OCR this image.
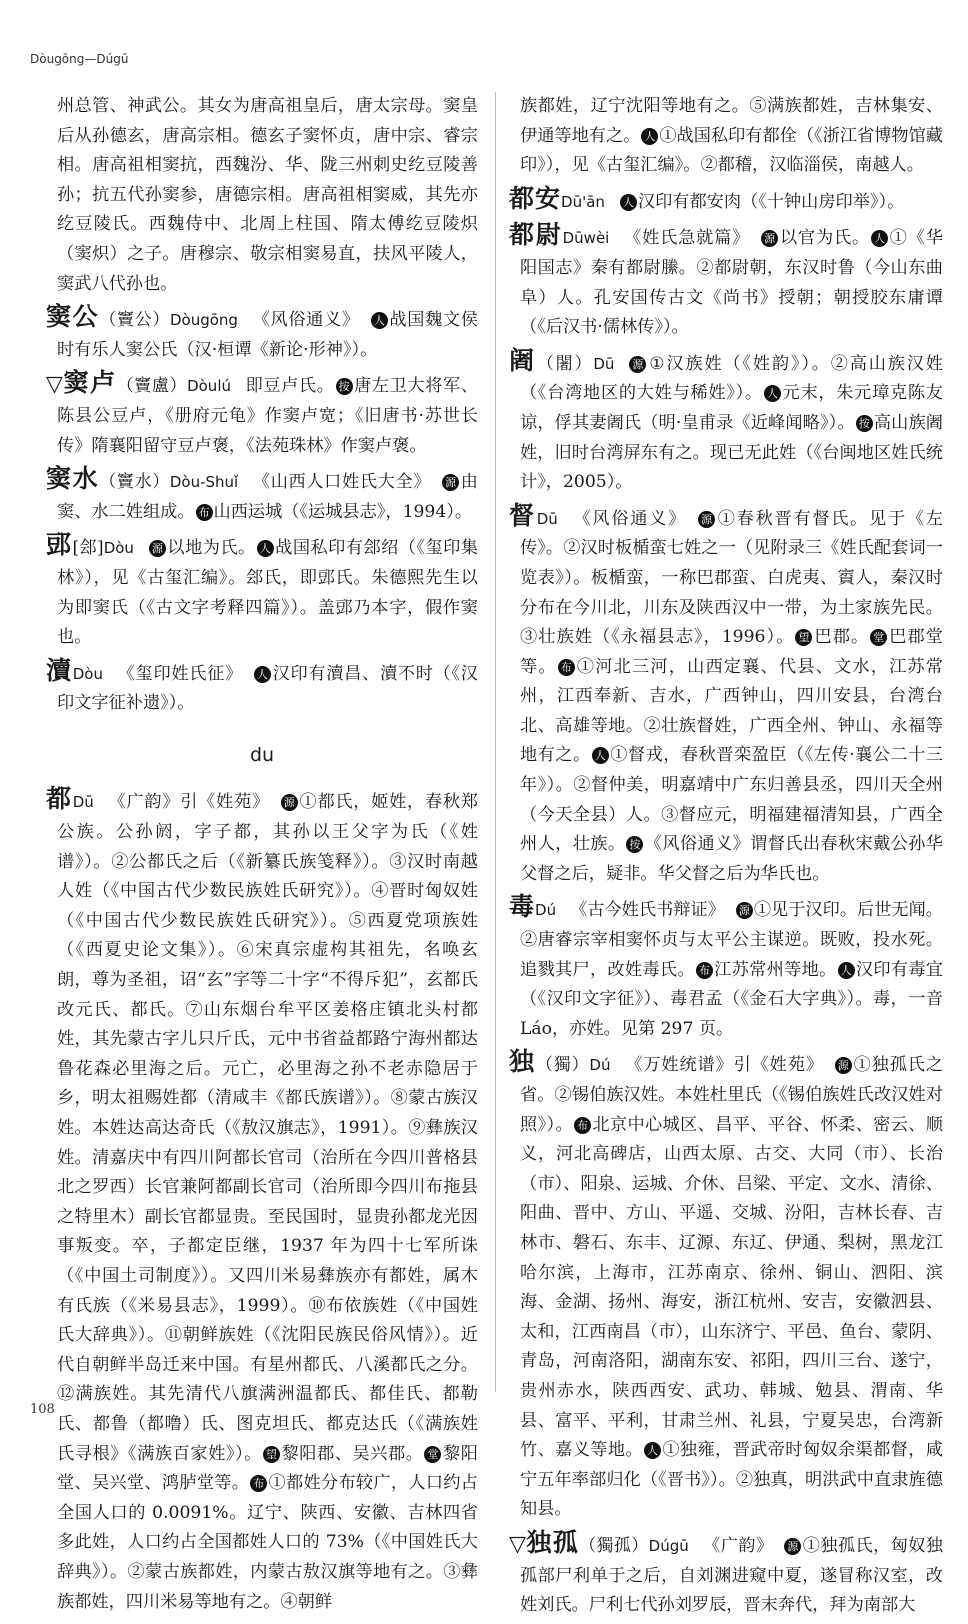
Dòugōng—Dúgū
州总管、神武公。其女为唐高祖皇后，唐太宗母。窦皇后从孙德玄，唐高宗相。德玄子窦怀贞，唐中宗、睿宗相。唐高祖相窦抗，西魏汾、华、陇三州刺史纥豆陵善孙；抗五代孙窦参，唐德宗相。唐高祖相窦威，其先亦纥豆陵氏。西魏侍中、北周上柱国、隋太傅纥豆陵炽（窦炽）之子。唐穆宗、敬宗相窦易直，扶风平陵人，窦武八代孙也。
窦公（竇公）Dòugōng 《风俗通义》 人 战国魏文侯时有乐人窦公氏（汉·桓谭《新论·形神》）。
▽窦卢（竇盧）Dòulú 即豆卢氏。 按 唐左卫大将军、陈县公豆卢，《册府元龟》作窦卢宽；《旧唐书·苏世长传》隋襄阳留守豆卢褒，《法苑珠林》作窦卢褒。
窦水（竇水）Dòu-Shuǐ 《山西人口姓氏大全》 源 由窦、水二姓组成。 布 山西运城（《运城县志》，1994）。
郖[郐]Dòu 源 以地为氏。 人 战国私印有郐绍（《玺印集林》），见《古玺汇编》。郐氏，即郖氏。朱德熙先生以为即窦氏（《古文字考释四篇》）。盖郖乃本字，假作窦也。
瀆Dòu 《玺印姓氏征》 人 汉印有瀆昌、瀆不时（《汉印文字征补遗》）。
du
都Dū 《广韵》引《姓苑》 源 ①都氏，姬姓，春秋郑公族。公孙阏，字子都，其孙以王父字为氏（《姓谱》）。②公都氏之后（《新纂氏族笺释》）。③汉时南越人姓（《中国古代少数民族姓氏研究》）。④晋时匈奴姓（《中国古代少数民族姓氏研究》）。⑤西夏党项族姓（《西夏史论文集》）。⑥宋真宗虚构其祖先，名唤玄朗，尊为圣祖，诏“玄”字等二十字“不得斥犯”，玄都氏改元氏、都氏。⑦山东烟台牟平区姜格庄镇北头村都姓，其先蒙古字儿只斤氏，元中书省益都路宁海州都达鲁花森必里海之后。元亡，必里海之孙不老赤隐居于乡，明太祖赐姓都（清咸丰《都氏族谱》）。⑧蒙古族汉姓。本姓达高达奇氏（《敖汉旗志》，1991）。⑨彝族汉姓。清嘉庆中有四川阿都长官司（治所在今四川普格县北之罗西）长官兼阿都副长官司（治所即今四川布拖县之特里木）副长官都显贵。至民国时，显贵孙都龙光因事叛变。卒，子都定臣继，1937 年为四十七军所诛（《中国土司制度》）。又四川米易彝族亦有都姓，属木有氏族（《米易县志》，1999）。⑩布依族姓（《中国姓氏大辞典》）。⑪朝鲜族姓（《沈阳民族民俗风情》）。近代自朝鲜半岛迁来中国。有星州都氏、八溪都氏之分。⑫满族姓。其先清代八旗满洲温都氏、都佳氏、都勒氏、都鲁（都噜）氏、图克坦氏、都克达氏（《满族姓氏寻根》《满族百家姓》）。 望 黎阳郡、吴兴郡。 堂 黎阳堂、吴兴堂、鸿胪堂等。 布 ①都姓分布较广，人口约占全国人口的 0.0091%。辽宁、陕西、安徽、吉林四省多此姓，人口约占全国都姓人口的 73%（《中国姓氏大辞典》）。②蒙古族都姓，内蒙古敖汉旗等地有之。③彝族都姓，四川米易等地有之。④朝鲜
族都姓，辽宁沈阳等地有之。⑤满族都姓，吉林集安、伊通等地有之。 人 ①战国私印有都佺（《浙江省博物馆藏印》），见《古玺汇编》。②都稽，汉临淄侯，南越人。
都安Dū'ān 人 汉印有都安肉（《十钟山房印举》）。
都尉Dūwèi 《姓氏急就篇》 源 以官为氏。 人 ①《华阳国志》秦有都尉縢。②都尉朝，东汉时鲁（今山东曲阜）人。孔安国传古文《尚书》授朝；朝授胶东庸谭（《后汉书·儒林传》）。
阇（闍）Dū 源 ①汉族姓（《姓韵》）。②高山族汉姓（《台湾地区的大姓与稀姓》）。 人 元末，朱元璋克陈友谅，俘其妻阇氏（明·皇甫录《近峰闻略》）。 按 高山族阇姓，旧时台湾屏东有之。现已无此姓（《台闽地区姓氏统计》，2005）。
督Dū 《风俗通义》 源 ①春秋晋有督氏。见于《左传》。②汉时板楯蛮七姓之一（见附录三《姓氏配套词一览表》）。板楯蛮，一称巴郡蛮、白虎夷、賨人，秦汉时分布在今川北，川东及陕西汉中一带，为土家族先民。③壮族姓（《永福县志》，1996）。 望 巴郡。 堂 巴郡堂等。 布 ①河北三河，山西定襄、代县、文水，江苏常州，江西奉新、吉水，广西钟山，四川安县，台湾台北、高雄等地。②壮族督姓，广西全州、钟山、永福等地有之。 人 ①督戎，春秋晋栾盈臣（《左传·襄公二十三年》）。②督仲美，明嘉靖中广东归善县丞，四川天全州（今天全县）人。③督应元，明福建福清知县，广西全州人，壮族。 按 《风俗通义》谓督氏出春秋宋戴公孙华父督之后，疑非。华父督之后为华氏也。
毒Dú 《古今姓氏书辩证》 源 ①见于汉印。后世无闻。②唐睿宗宰相窦怀贞与太平公主谋逆。既败，投水死。追戮其尸，改姓毒氏。 布 江苏常州等地。 人 汉印有毒宜（《汉印文字征》）、毒君孟（《金石大字典》）。毒，一音 Láo，亦姓。见第 297 页。
独（獨）Dú 《万姓统谱》引《姓苑》 源 ①独孤氏之省。②锡伯族汉姓。本姓杜里氏（《锡伯族姓氏改汉姓对照》）。 布 北京中心城区、昌平、平谷、怀柔、密云、顺义，河北高碑店，山西太原、古交、大同（市）、长治（市）、阳泉、运城、介休、吕梁、平定、文水、清徐、阳曲、晋中、方山、平遥、交城、汾阳，吉林长春、吉林市、磐石、东丰、辽源、东辽、伊通、梨树，黑龙江哈尔滨，上海市，江苏南京、徐州、铜山、泗阳、滨海、金湖、扬州、海安，浙江杭州、安吉，安徽泗县、太和，江西南昌（市），山东济宁、平邑、鱼台、蒙阴、青岛，河南洛阳，湖南东安、祁阳，四川三台、遂宁，贵州赤水，陕西西安、武功、韩城、勉县、渭南、华县、富平、平利，甘肃兰州、礼县，宁夏吴忠，台湾新竹、嘉义等地。 人 ①独雍，晋武帝时匈奴余渠都督，咸宁五年率部归化（《晋书》）。②独真，明洪武中直隶旌德知县。
▽独孤（獨孤）Dúgū 《广韵》 源 ①独孤氏，匈奴独孤部尸利单于之后，自刘渊进窥中夏，遂冒称汉室，改姓刘氏。尸利七代孙刘罗辰，晋末奔代，拜为南部大
108
